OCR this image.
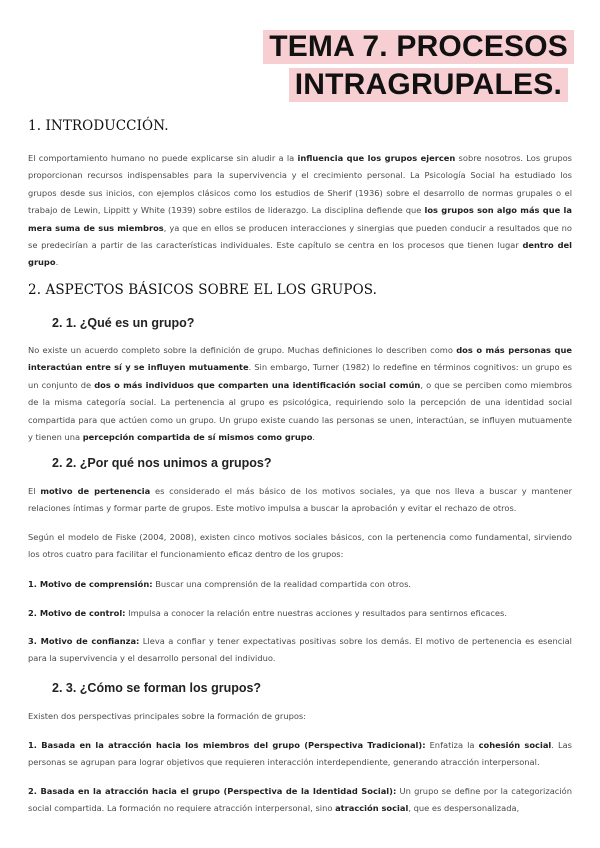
TEMA 7. PROCESOS
INTRAGRUPALES.
1. INTRODUCCIÓN.

El comportamiento humano no puede explicarse sin aludir a la influencia que los grupos ejercen sobre nosotros. Los grupos proporcionan recursos indispensables para la supervivencia y el crecimiento personal. La Psicología Social ha estudiado los grupos desde sus inicios, con ejemplos clásicos como los estudios de Sherif (1936) sobre el desarrollo de normas grupales o el trabajo de Lewin, Lippitt y White (1939) sobre estilos de liderazgo. La disciplina defiende que los grupos son algo más que la mera suma de sus miembros, ya que en ellos se producen interacciones y sinergias que pueden conducir a resultados que no se predecirían a partir de las características individuales. Este capítulo se centra en los procesos que tienen lugar dentro del grupo.

2. ASPECTOS BÁSICOS SOBRE EL LOS GRUPOS.
2. 1. ¿Qué es un grupo?

No existe un acuerdo completo sobre la definición de grupo. Muchas definiciones lo describen como dos o más personas que interactúan entre sí y se influyen mutuamente. Sin embargo, Turner (1982) lo redefine en términos cognitivos: un grupo es un conjunto de dos o más individuos que comparten una identificación social común, o que se perciben como miembros de la misma categoría social. La pertenencia al grupo es psicológica, requiriendo solo la percepción de una identidad social compartida para que actúen como un grupo. Un grupo existe cuando las personas se unen, interactúan, se influyen mutuamente y tienen una percepción compartida de sí mismos como grupo.

2. 2. ¿Por qué nos unimos a grupos?

El motivo de pertenencia es considerado el más básico de los motivos sociales, ya que nos lleva a buscar y mantener relaciones íntimas y formar parte de grupos. Este motivo impulsa a buscar la aprobación y evitar el rechazo de otros.

Según el modelo de Fiske (2004, 2008), existen cinco motivos sociales básicos, con la pertenencia como fundamental, sirviendo los otros cuatro para facilitar el funcionamiento eficaz dentro de los grupos:

1. Motivo de comprensión: Buscar una comprensión de la realidad compartida con otros.

2. Motivo de control: Impulsa a conocer la relación entre nuestras acciones y resultados para sentirnos eficaces.

3. Motivo de confianza: Lleva a confiar y tener expectativas positivas sobre los demás. El motivo de pertenencia es esencial para la supervivencia y el desarrollo personal del individuo.

2. 3. ¿Cómo se forman los grupos?

Existen dos perspectivas principales sobre la formación de grupos:

1. Basada en la atracción hacia los miembros del grupo (Perspectiva Tradicional): Enfatiza la cohesión social. Las personas se agrupan para lograr objetivos que requieren interacción interdependiente, generando atracción interpersonal.

2. Basada en la atracción hacia el grupo (Perspectiva de la Identidad Social): Un grupo se define por la categorización social compartida. La formación no requiere atracción interpersonal, sino atracción social, que es despersonalizada,
